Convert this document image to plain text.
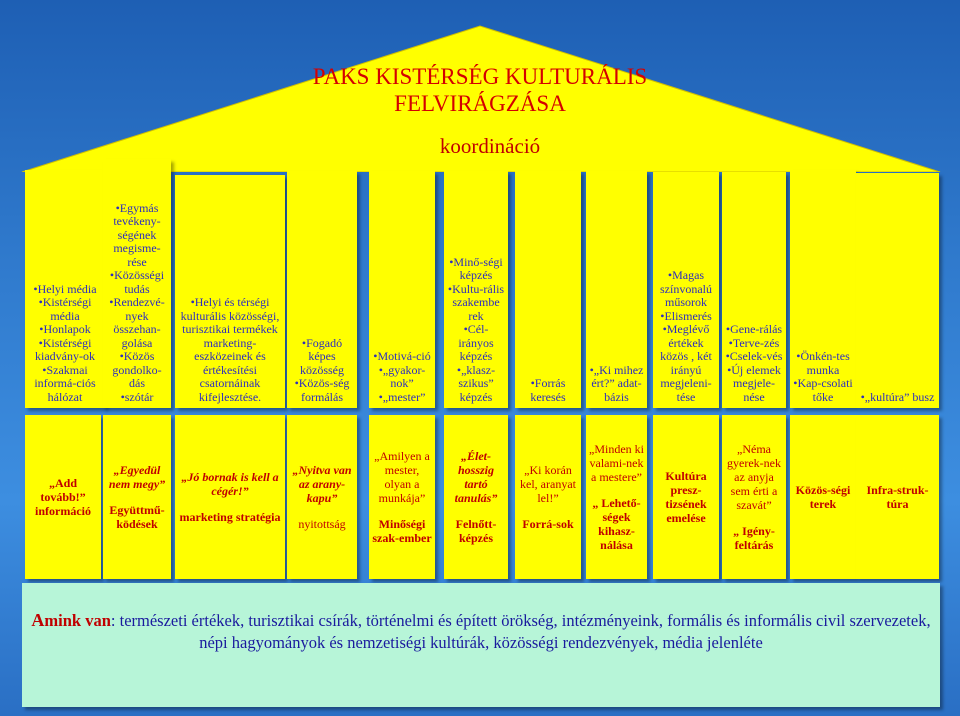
PAKS KISTÉRSÉG KULTURÁLIS
FELVIRÁGZÁSA
koordináció
• Helyi média
• Kistérségi média
• Honlapok
• Kistérségi kiadvány-ok
• Szakmai informá-ciós hálózat
• Egymás tevékeny-ségének megisme-rése
• Közösségi tudás
• Rendezvé-nyek összehan-golása
• Közös gondolko-dás
• szótár
• Helyi és térségi kulturális közösségi, turisztikai termékek marketing-eszközeinek és értékesítési csatornáinak kifejlesztése.
• Fogadó képes közösség
• Közös-ség formálás
• Motivá-ció
• „gyakor-nok”
• „mester”
• Minő-ségi képzés
• Kultu-rális szakembe rek
• Cél-irányos képzés
• „klasz-szikus” képzés
• Forrás keresés
• „Ki mihez ért?” adat-bázis
• Magas színvonalú műsorok
• Elismerés
• Meglévő értékek közös , két irányú megjeleni-tése
• Gene-rálás
• Terve-zés
• Cselek-vés
• Új elemek megjele-nése
• Önkén-tes munka
• Kap-csolati tőke
•	„kultúra” busz
„Add tovább!” információ
„Egyedül nem megy”
Együttmű-ködések
„Jó bornak is kell a cégér!”
marketing stratégia
„Nyitva van az arany-kapu”
nyitottság
„Amilyen a mester, olyan a munkája”
Minőségi szak-ember
„Élet-hosszig tartó tanulás”
Felnőtt-képzés
„Ki korán kel, aranyat lel!”
Forrá-sok
„Minden ki valami-nek a mestere”
„ Lehető-ségek kihasz-nálása
Kultúra presz-tizsének emelése
„Néma gyerek-nek az anyja sem érti a szavát”
„ Igény-feltárás
Közös-ségi terek
Infra-struk-túra
Amink van: természeti értékek, turisztikai csírák, történelmi és épített örökség, intézményeink, formális és informális civil szervezetek, népi hagyományok és nemzetiségi kultúrák, közösségi rendezvények, média jelenléte
